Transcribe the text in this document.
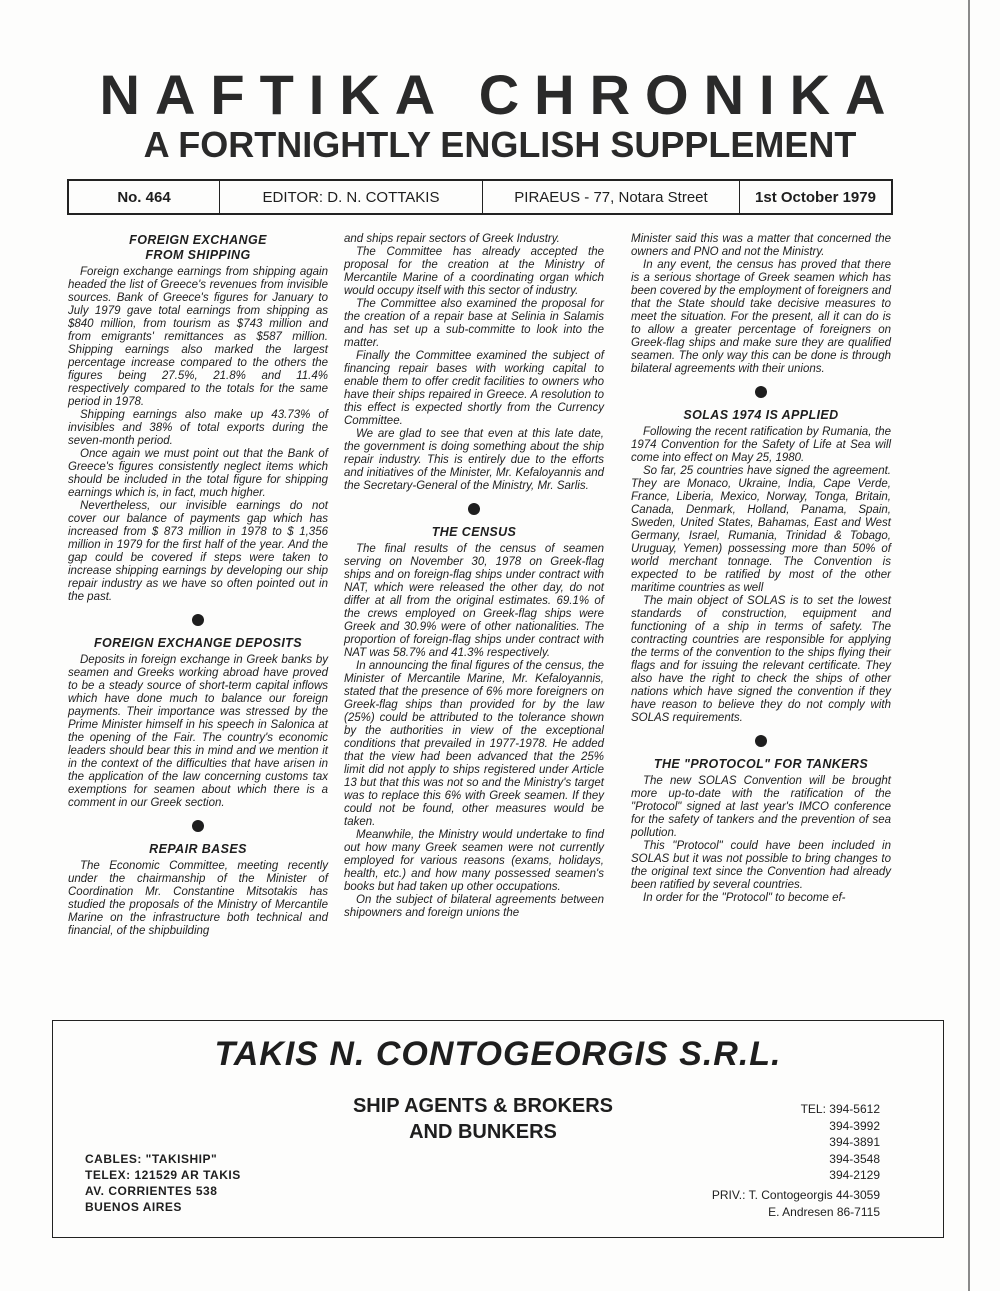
NAFTIKA CHRONIKA
A FORTNIGHTLY ENGLISH SUPPLEMENT
No. 464	EDITOR: D. N. COTTAKIS	PIRAEUS - 77, Notara Street	1st October 1979
FOREIGN EXCHANGE
FROM SHIPPING

Foreign exchange earnings from shipping again headed the list of Greece's revenues from invisible sources. Bank of Greece's figures for January to July 1979 gave total earnings from shipping as $840 million, from tourism as $743 million and from emigrants' remittances as $587 million. Shipping earnings also marked the largest percentage increase compared to the others the figures being 27.5%, 21.8% and 11.4% respectively compared to the totals for the same period in 1978.

Shipping earnings also make up 43.73% of invisibles and 38% of total exports during the seven-month period.

Once again we must point out that the Bank of Greece's figures consistently neglect items which should be included in the total figure for shipping earnings which is, in fact, much higher.

Nevertheless, our invisible earnings do not cover our balance of payments gap which has increased from $ 873 million in 1978 to $ 1,356 million in 1979 for the first half of the year. And the gap could be covered if steps were taken to increase shipping earnings by developing our ship repair industry as we have so often pointed out in the past.

FOREIGN EXCHANGE DEPOSITS

Deposits in foreign exchange in Greek banks by seamen and Greeks working abroad have proved to be a steady source of short-term capital inflows which have done much to balance our foreign payments. Their importance was stressed by the Prime Minister himself in his speech in Salonica at the opening of the Fair. The country's economic leaders should bear this in mind and we mention it in the context of the difficulties that have arisen in the application of the law concerning customs tax exemptions for seamen about which there is a comment in our Greek section.

REPAIR BASES

The Economic Committee, meeting recently under the chairmanship of the Minister of Coordination Mr. Constantine Mitsotakis has studied the proposals of the Ministry of Mercantile Marine on the infrastructure both technical and financial, of the shipbuilding

and ships repair sectors of Greek Industry.

The Committee has already accepted the proposal for the creation at the Ministry of Mercantile Marine of a coordinating organ which would occupy itself with this sector of industry.

The Committee also examined the proposal for the creation of a repair base at Selinia in Salamis and has set up a sub-committe to look into the matter.

Finally the Committee examined the subject of financing repair bases with working capital to enable them to offer credit facilities to owners who have their ships repaired in Greece. A resolution to this effect is expected shortly from the Currency Committee.

We are glad to see that even at this late date, the government is doing something about the ship repair industry. This is entirely due to the efforts and initiatives of the Minister, Mr. Kefaloyannis and the Secretary-General of the Ministry, Mr. Sarlis.

THE CENSUS

The final results of the census of seamen serving on November 30, 1978 on Greek-flag ships and on foreign-flag ships under contract with NAT, which were released the other day, do not differ at all from the original estimates. 69.1% of the crews employed on Greek-flag ships were Greek and 30.9% were of other nationalities. The proportion of foreign-flag ships under contract with NAT was 58.7% and 41.3% respectively.

In announcing the final figures of the census, the Minister of Mercantile Marine, Mr. Kefaloyannis, stated that the presence of 6% more foreigners on Greek-flag ships than provided for by the law (25%) could be attributed to the tolerance shown by the authorities in view of the exceptional conditions that prevailed in 1977-1978. He added that the view had been advanced that the 25% limit did not apply to ships registered under Article 13 but that this was not so and the Ministry's target was to replace this 6% with Greek seamen. If they could not be found, other measures would be taken.

Meanwhile, the Ministry would undertake to find out how many Greek seamen were not currently employed for various reasons (exams, holidays, health, etc.) and how many possessed seamen's books but had taken up other occupations.

On the subject of bilateral agreements between shipowners and foreign unions the

Minister said this was a matter that concerned the owners and PNO and not the Ministry.

In any event, the census has proved that there is a serious shortage of Greek seamen which has been covered by the employment of foreigners and that the State should take decisive measures to meet the situation. For the present, all it can do is to allow a greater percentage of foreigners on Greek-flag ships and make sure they are qualified seamen. The only way this can be done is through bilateral agreements with their unions.

SOLAS 1974 IS APPLIED

Following the recent ratification by Rumania, the 1974 Convention for the Safety of Life at Sea will come into effect on May 25, 1980.

So far, 25 countries have signed the agreement. They are Monaco, Ukraine, India, Cape Verde, France, Liberia, Mexico, Norway, Tonga, Britain, Canada, Denmark, Holland, Panama, Spain, Sweden, United States, Bahamas, East and West Germany, Israel, Rumania, Trinidad & Tobago, Uruguay, Yemen) possessing more than 50% of world merchant tonnage. The Convention is expected to be ratified by most of the other maritime countries as well

The main object of SOLAS is to set the lowest standards of construction, equipment and functioning of a ship in terms of safety. The contracting countries are responsible for applying the terms of the convention to the ships flying their flags and for issuing the relevant certificate. They also have the right to check the ships of other nations which have signed the convention if they have reason to believe they do not comply with SOLAS requirements.

THE "PROTOCOL" FOR TANKERS

The new SOLAS Convention will be brought more up-to-date with the ratification of the "Protocol" signed at last year's IMCO conference for the safety of tankers and the prevention of sea pollution.

This "Protocol" could have been included in SOLAS but it was not possible to bring changes to the original text since the Convention had already been ratified by several countries.

In order for the "Protocol" to become ef-

TAKIS N. CONTOGEORGIS S.R.L.
SHIP AGENTS & BROKERS
AND BUNKERS
CABLES: "TAKISHIP"
TELEX: 121529 AR TAKIS
AV. CORRIENTES 538
BUENOS AIRES
TEL: 394-5612
394-3992
394-3891
394-3548
394-2129
PRIV.: T. Contogeorgis 44-3059
E. Andresen 86-7115
